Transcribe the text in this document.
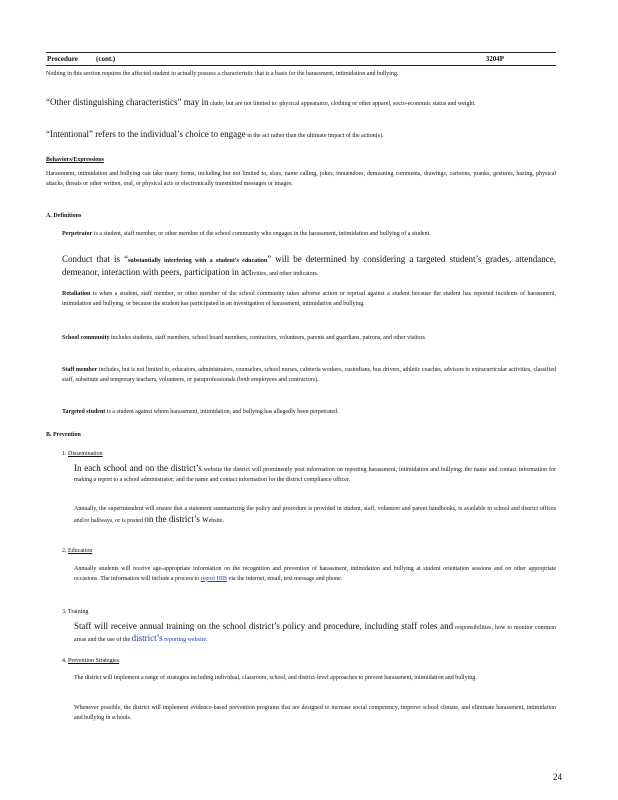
Procedure	(cont.)	3204P
Nothing in this section requires the affected student to actually possess a characteristic that is a basis for the harassment, intimidation and bullying.
“Other distinguishing characteristics” may in clude, but are not limited to: physical appearance, clothing or other apparel, socio-economic status and weight.
“Intentional” refers to the individual’s choice to engage in the act rather than the ultimate impact of the action(s).
Behaviors/Expressions
Harassment, intimidation and bullying can take many forms, including but not limited to, slurs, name calling, jokes, innuendoes, demeaning comments, drawings, cartoons, pranks, gestures, hazing, physical attacks, threats or other written, oral, or physical acts or electronically transmitted messages or images.
A. Definitions
Perpetrator is a student, staff member, or other member of the school community who engages in the harassment, intimidation and bullying of a student.
Conduct that is “substantially interfering with a student's education” will be determined by considering a targeted student’s grades, attendance, demeanor, interaction with peers, participation in activities, and other indicators.
Retaliation is when a student, staff member, or other member of the school community takes adverse action or reprisal against a student because the student has reported incidents of harassment, intimidation and bullying, or because the student has participated in an investigation of harassment, intimidation and bullying.
School community includes students, staff members, school board members, contractors, volunteers, parents and guardians, patrons, and other visitors.
Staff member includes, but is not limited to, educators, administrators, counselors, school nurses, cafeteria workers, custodians, bus drivers, athletic coaches, advisors to extracurricular activities, classified staff, substitute and temporary teachers, volunteers, or paraprofessionals (both employees and contractors).
Targeted student is a student against whom harassment, intimidation, and bullying has allegedly been perpetrated.
B. Prevention
1. Dissemination
In each school and on the district’s website the district will prominently post information on reporting harassment, intimidation and bullying; the name and contact information for making a report to a school administrator; and the name and contact information for the district compliance officer.
Annually, the superintendent will ensure that a statement summarizing the policy and procedure is provided in student, staff, volunteer and parent handbooks, is available in school and district offices and/or hallways, or is posted on the district’s website.
2. Education
Annually students will receive age-appropriate information on the recognition and prevention of harassment, intimidation and bullying at student orientation sessions and on other appropriate occasions. The information will include a process to report HIB via the internet, email, text message and phone.
3. Training
Staff will receive annual training on the school district’s policy and procedure, including staff roles and responsibilities, how to monitor common areas and the use of the district’s reporting website.
4. Prevention Strategies
The district will implement a range of strategies including individual, classroom, school, and district-level approaches to prevent harassment, intimidation and bullying.
Whenever possible, the district will implement evidence-based prevention programs that are designed to increase social competency, improve school climate, and eliminate harassment, intimidation and bullying in schools.
24
